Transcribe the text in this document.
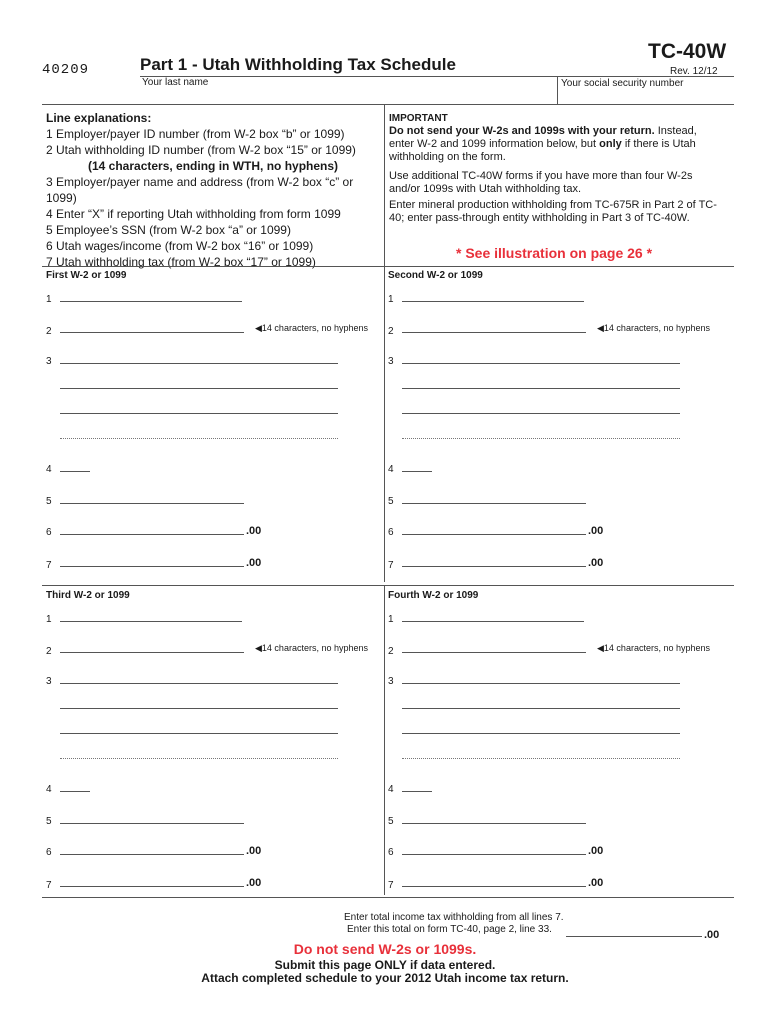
40209	Part 1 - Utah Withholding Tax Schedule
TC-40W
Rev. 12/12
Your last name	Your social security number
Line explanations:
1 Employer/payer ID number (from W-2 box “b” or 1099)
2 Utah withholding ID number (from W-2 box “15” or 1099)
(14 characters, ending in WTH, no hyphens)
3 Employer/payer name and address (from W-2 box “c” or 1099)
4 Enter “X” if reporting Utah withholding from form 1099
5 Employee’s SSN (from W-2 box “a” or 1099)
6 Utah wages/income (from W-2 box “16” or 1099)
7 Utah withholding tax (from W-2 box “17” or 1099)
IMPORTANT
Do not send your W-2s and 1099s with your return. Instead, enter W-2 and 1099 information below, but only if there is Utah withholding on the form.
Use additional TC-40W forms if you have more than four W-2s and/or 1099s with Utah withholding tax.
Enter mineral production withholding from TC-675R in Part 2 of TC-40; enter pass-through entity withholding in Part 3 of TC-40W.
* See illustration on page 26 *
First W-2 or 1099
1
2	◀14 characters, no hyphens
3
4
5
6	.00
7	.00
Second W-2 or 1099
1
2	◀14 characters, no hyphens
3
4
5
6	.00
7	.00
Third W-2 or 1099
1
2	◀14 characters, no hyphens
3
4
5
6	.00
7	.00
Fourth W-2 or 1099
1
2	◀14 characters, no hyphens
3
4
5
6	.00
7	.00
Enter total income tax withholding from all lines 7.
Enter this total on form TC-40, page 2, line 33.	.00
Do not send W-2s or 1099s.
Submit this page ONLY if data entered.
Attach completed schedule to your 2012 Utah income tax return.
